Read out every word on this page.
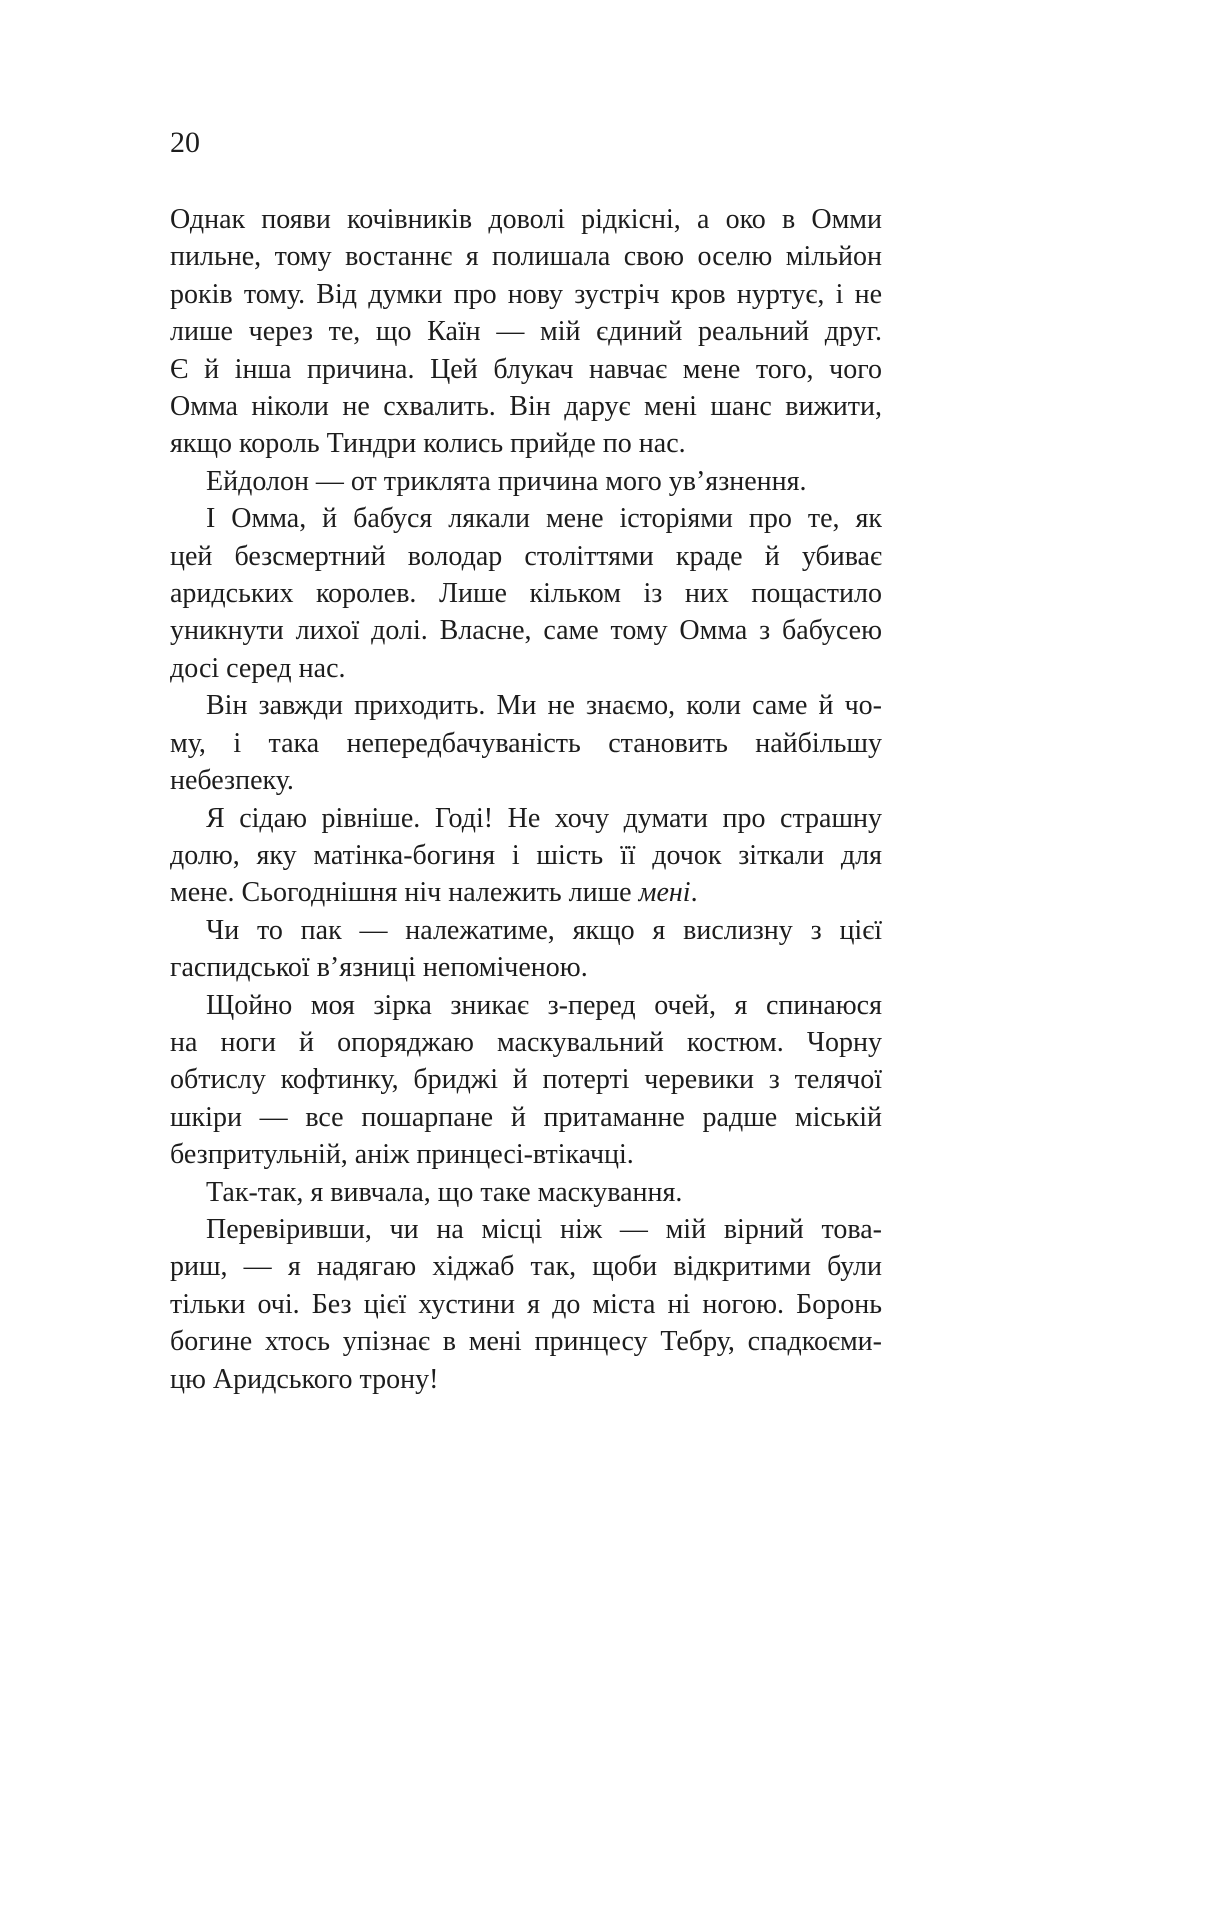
20
Однак появи кочівників доволі рідкісні, а око в Омми
пильне, тому востаннє я полишала свою оселю мільйон
років тому. Від думки про нову зустріч кров нуртує, і не
лише через те, що Каїн — мій єдиний реальний друг.
Є й інша причина. Цей блукач навчає мене того, чого
Омма ніколи не схвалить. Він дарує мені шанс вижити,
якщо король Тиндри колись прийде по нас.
Ейдолон — от триклята причина мого ув’язнення.
І Омма, й бабуся лякали мене історіями про те, як
цей безсмертний володар століттями краде й убиває
аридських королев. Лише кільком із них пощастило
уникнути лихої долі. Власне, саме тому Омма з бабусею
досі серед нас.
Він завжди приходить. Ми не знаємо, коли саме й чо-
му, і така непередбачуваність становить найбільшу
небезпеку.
Я сідаю рівніше. Годі! Не хочу думати про страшну
долю, яку матінка-богиня і шість її дочок зіткали для
мене. Сьогоднішня ніч належить лише мені.
Чи то пак — належатиме, якщо я вислизну з цієї
гаспидської в’язниці непоміченою.
Щойно моя зірка зникає з-перед очей, я спинаюся
на ноги й опоряджаю маскувальний костюм. Чорну
обтислу кофтинку, бриджі й потерті черевики з телячої
шкіри — все пошарпане й притаманне радше міській
безпритульній, аніж принцесі-втікачці.
Так-так, я вивчала, що таке маскування.
Перевіривши, чи на місці ніж — мій вірний това-
риш, — я надягаю хіджаб так, щоби відкритими були
тільки очі. Без цієї хустини я до міста ні ногою. Боронь
богине хтось упізнає в мені принцесу Тебру, спадкоєми-
цю Аридського трону!
